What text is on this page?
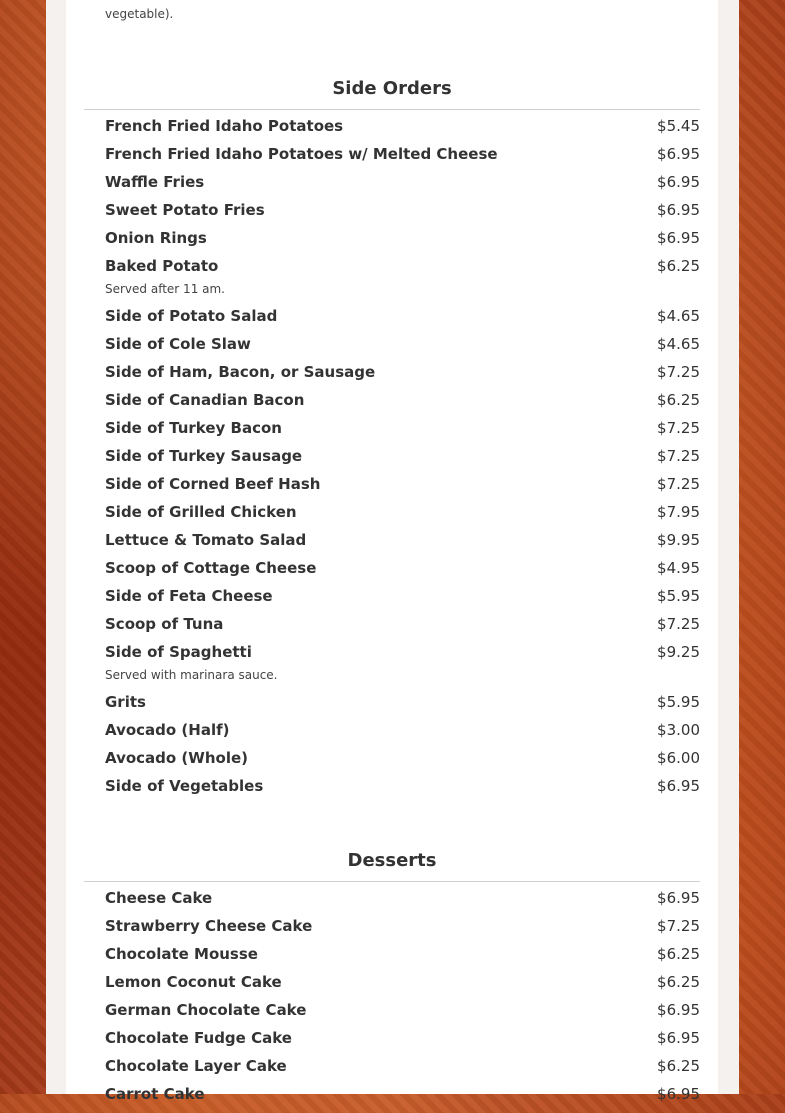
vegetable).
Side Orders
French Fried Idaho Potatoes	$5.45
French Fried Idaho Potatoes w/ Melted Cheese	$6.95
Waffle Fries	$6.95
Sweet Potato Fries	$6.95
Onion Rings	$6.95
Baked Potato	$6.25
Served after 11 am.
Side of Potato Salad	$4.65
Side of Cole Slaw	$4.65
Side of Ham, Bacon, or Sausage	$7.25
Side of Canadian Bacon	$6.25
Side of Turkey Bacon	$7.25
Side of Turkey Sausage	$7.25
Side of Corned Beef Hash	$7.25
Side of Grilled Chicken	$7.95
Lettuce & Tomato Salad	$9.95
Scoop of Cottage Cheese	$4.95
Side of Feta Cheese	$5.95
Scoop of Tuna	$7.25
Side of Spaghetti	$9.25
Served with marinara sauce.
Grits	$5.95
Avocado (Half)	$3.00
Avocado (Whole)	$6.00
Side of Vegetables	$6.95
Desserts
Cheese Cake	$6.95
Strawberry Cheese Cake	$7.25
Chocolate Mousse	$6.25
Lemon Coconut Cake	$6.25
German Chocolate Cake	$6.95
Chocolate Fudge Cake	$6.95
Chocolate Layer Cake	$6.25
Carrot Cake	$6.95
